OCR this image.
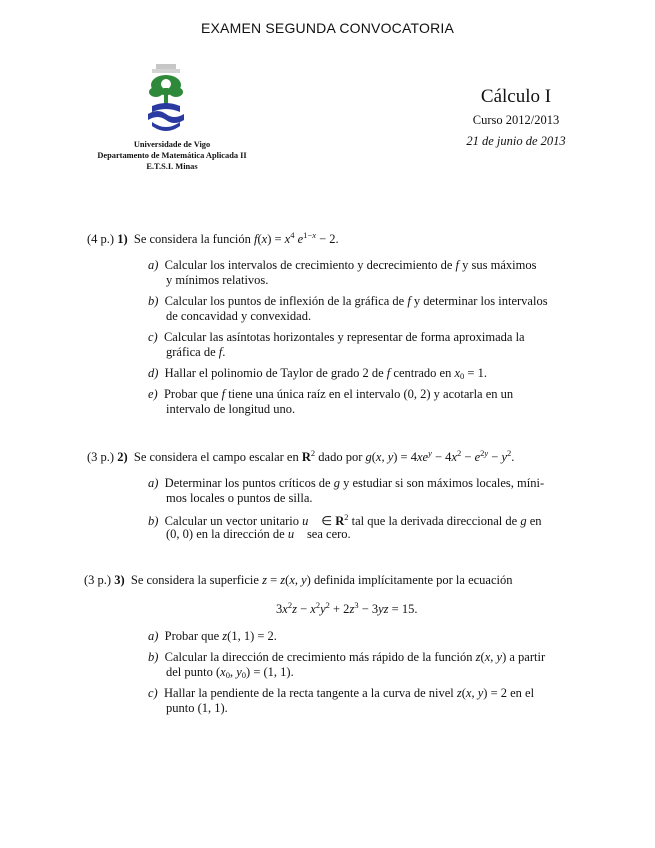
EXAMEN SEGUNDA CONVOCATORIA
Universidade de Vigo
Departamento de Matemática Aplicada II
E.T.S.I. Minas
Cálculo I
Curso 2012/2013
21 de junio de 2013
(4 p.) 1) Se considera la función $f(x) = x^4$ $e^{1-x} - 2$.
a) Calcular los intervalos de crecimiento y decrecimiento de f y sus máximos
y mínimos relativos.
b) Calcular los puntos de inflexión de la gráfica de f y determinar los intervalos
de concavidad y convexidad.
c) Calcular las asíntotas horizontales y representar de forma aproximada la
gráfica de f.
d) Hallar el polinomio de Taylor de grado 2 de f centrado en $x_0 = 1$.
e) Probar que f tiene una única raíz en el intervalo (0, 2) y acotarla en un
intervalo de longitud uno.
(3 p.) 2) Se considera el campo escalar en $R^2$ dado por g(x, $y) = 4xe^y - 4x^2 - e^{2y} - y^2$.
a) Determinar los puntos críticos de g y estudiar si son máximos locales, míni-
mos locales o puntos de silla.
b) Calcular un vector unitario u⃗ ∈ $R^2$ tal que la derivada direccional de g en
(0, 0) en la dirección de u⃗ sea cero.
(3 p.) 3) Se considera la superficie z = z(x, y) definida implícitamente por la ecuación
$3x^2z - x^2y^2 + 2z^3 - 3yz = 15$.
a) Probar que z(1, 1) = 2.
b) Calcular la dirección de crecimiento más rápido de la función z(x, y) a partir
del punto ($x_0$, $y_0) = (1$, 1).
c) Hallar la pendiente de la recta tangente a la curva de nivel z(x, y) = 2 en el
punto (1, 1).
